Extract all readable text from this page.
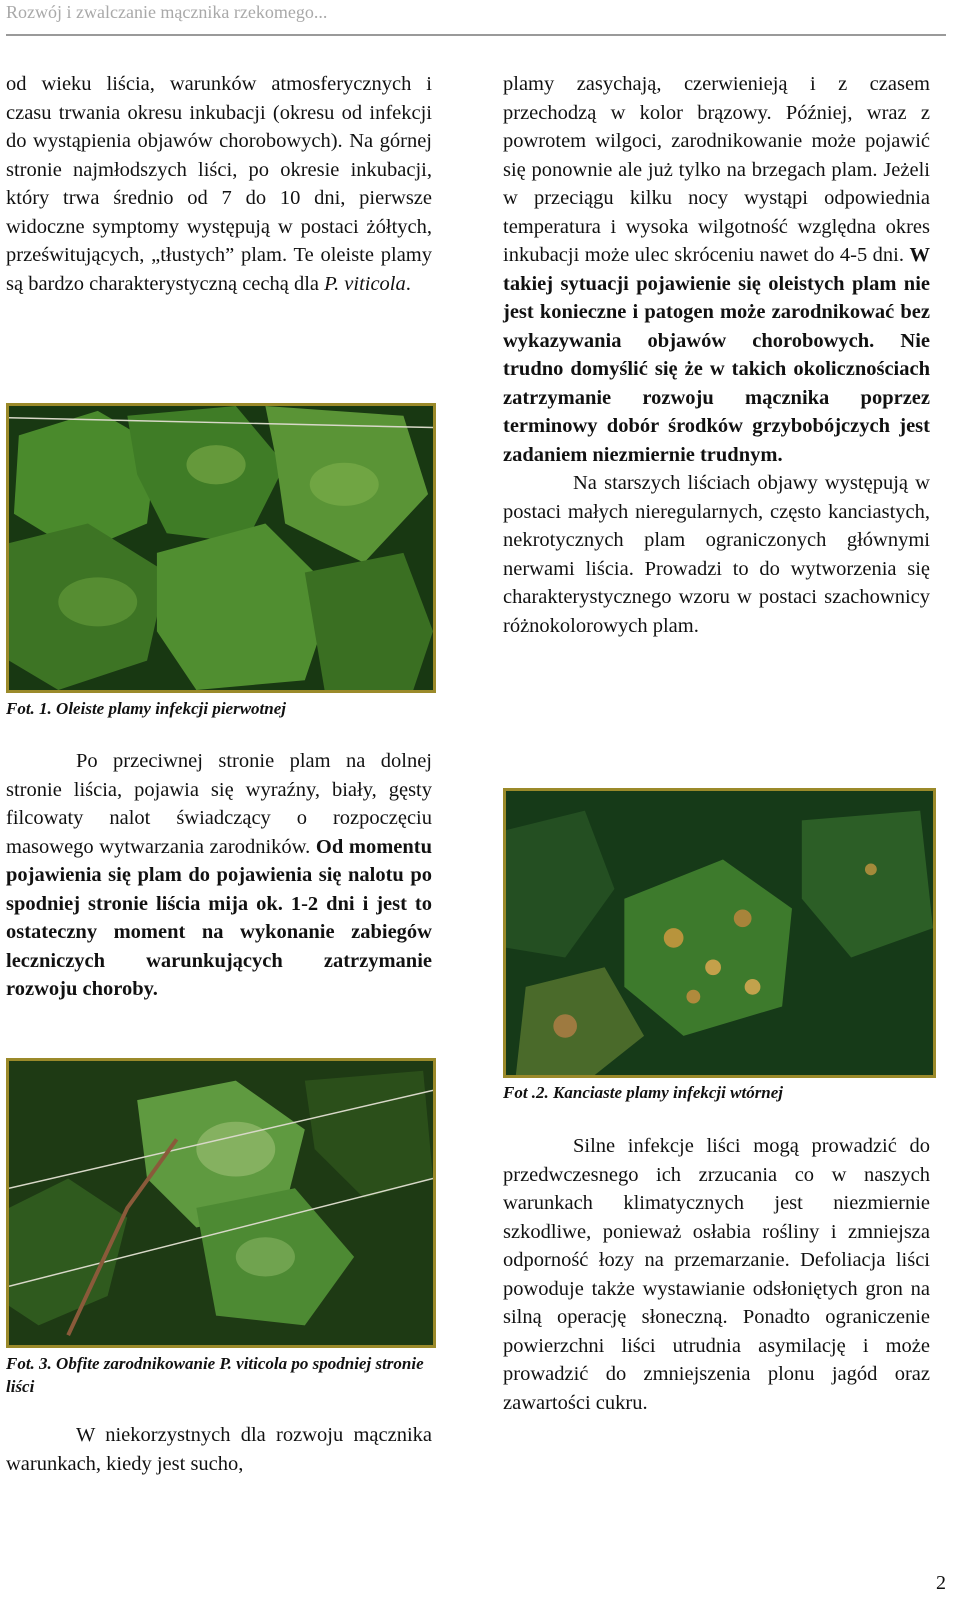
Rozwój i zwalczanie mącznika rzekomego...

od wieku liścia, warunków atmosferycznych i czasu trwania okresu inkubacji (okresu od infekcji do wystąpienia objawów chorobowych). Na górnej stronie najmłodszych liści, po okresie inkubacji, który trwa średnio od 7 do 10 dni, pierwsze widoczne symptomy występują w postaci żółtych, prześwitujących, „tłustych” plam. Te oleiste plamy są bardzo charakterystyczną cechą dla P. viticola.

Fot. 1. Oleiste plamy infekcji pierwotnej

Po przeciwnej stronie plam na dolnej stronie liścia, pojawia się wyraźny, biały, gęsty filcowaty nalot świadczący o rozpoczęciu masowego wytwarzania zarodników. Od momentu pojawienia się plam do pojawienia się nalotu po spodniej stronie liścia mija ok. 1-2 dni i jest to ostateczny moment na wykonanie zabiegów leczniczych warunkujących zatrzymanie rozwoju choroby.

Fot. 3. Obfite zarodnikowanie P. viticola po spodniej stronie liści

W niekorzystnych dla rozwoju mącznika warunkach, kiedy jest sucho,

plamy zasychają, czerwienieją i z czasem przechodzą w kolor brązowy. Później, wraz z powrotem wilgoci, zarodnikowanie może pojawić się ponownie ale już tylko na brzegach plam. Jeżeli w przeciągu kilku nocy wystąpi odpowiednia temperatura i wysoka wilgotność względna okres inkubacji może ulec skróceniu nawet do 4-5 dni. W takiej sytuacji pojawienie się oleistych plam nie jest konieczne i patogen może zarodnikować bez wykazywania objawów chorobowych. Nie trudno domyślić się że w takich okolicznościach zatrzymanie rozwoju mącznika poprzez terminowy dobór środków grzybobójczych jest zadaniem niezmiernie trudnym.

Na starszych liściach objawy występują w postaci małych nieregularnych, często kanciastych, nekrotycznych plam ograniczonych głównymi nerwami liścia. Prowadzi to do wytworzenia się charakterystycznego wzoru w postaci szachownicy różnokolorowych plam.

Fot .2. Kanciaste plamy infekcji wtórnej

Silne infekcje liści mogą prowadzić do przedwczesnego ich zrzucania co w naszych warunkach klimatycznych jest niezmiernie szkodliwe, ponieważ osłabia rośliny i zmniejsza odporność łozy na przemarzanie. Defoliacja liści powoduje także wystawianie odsłoniętych gron na silną operację słoneczną. Ponadto ograniczenie powierzchni liści utrudnia asymilację i może prowadzić do zmniejszenia plonu jagód oraz zawartości cukru.

2
